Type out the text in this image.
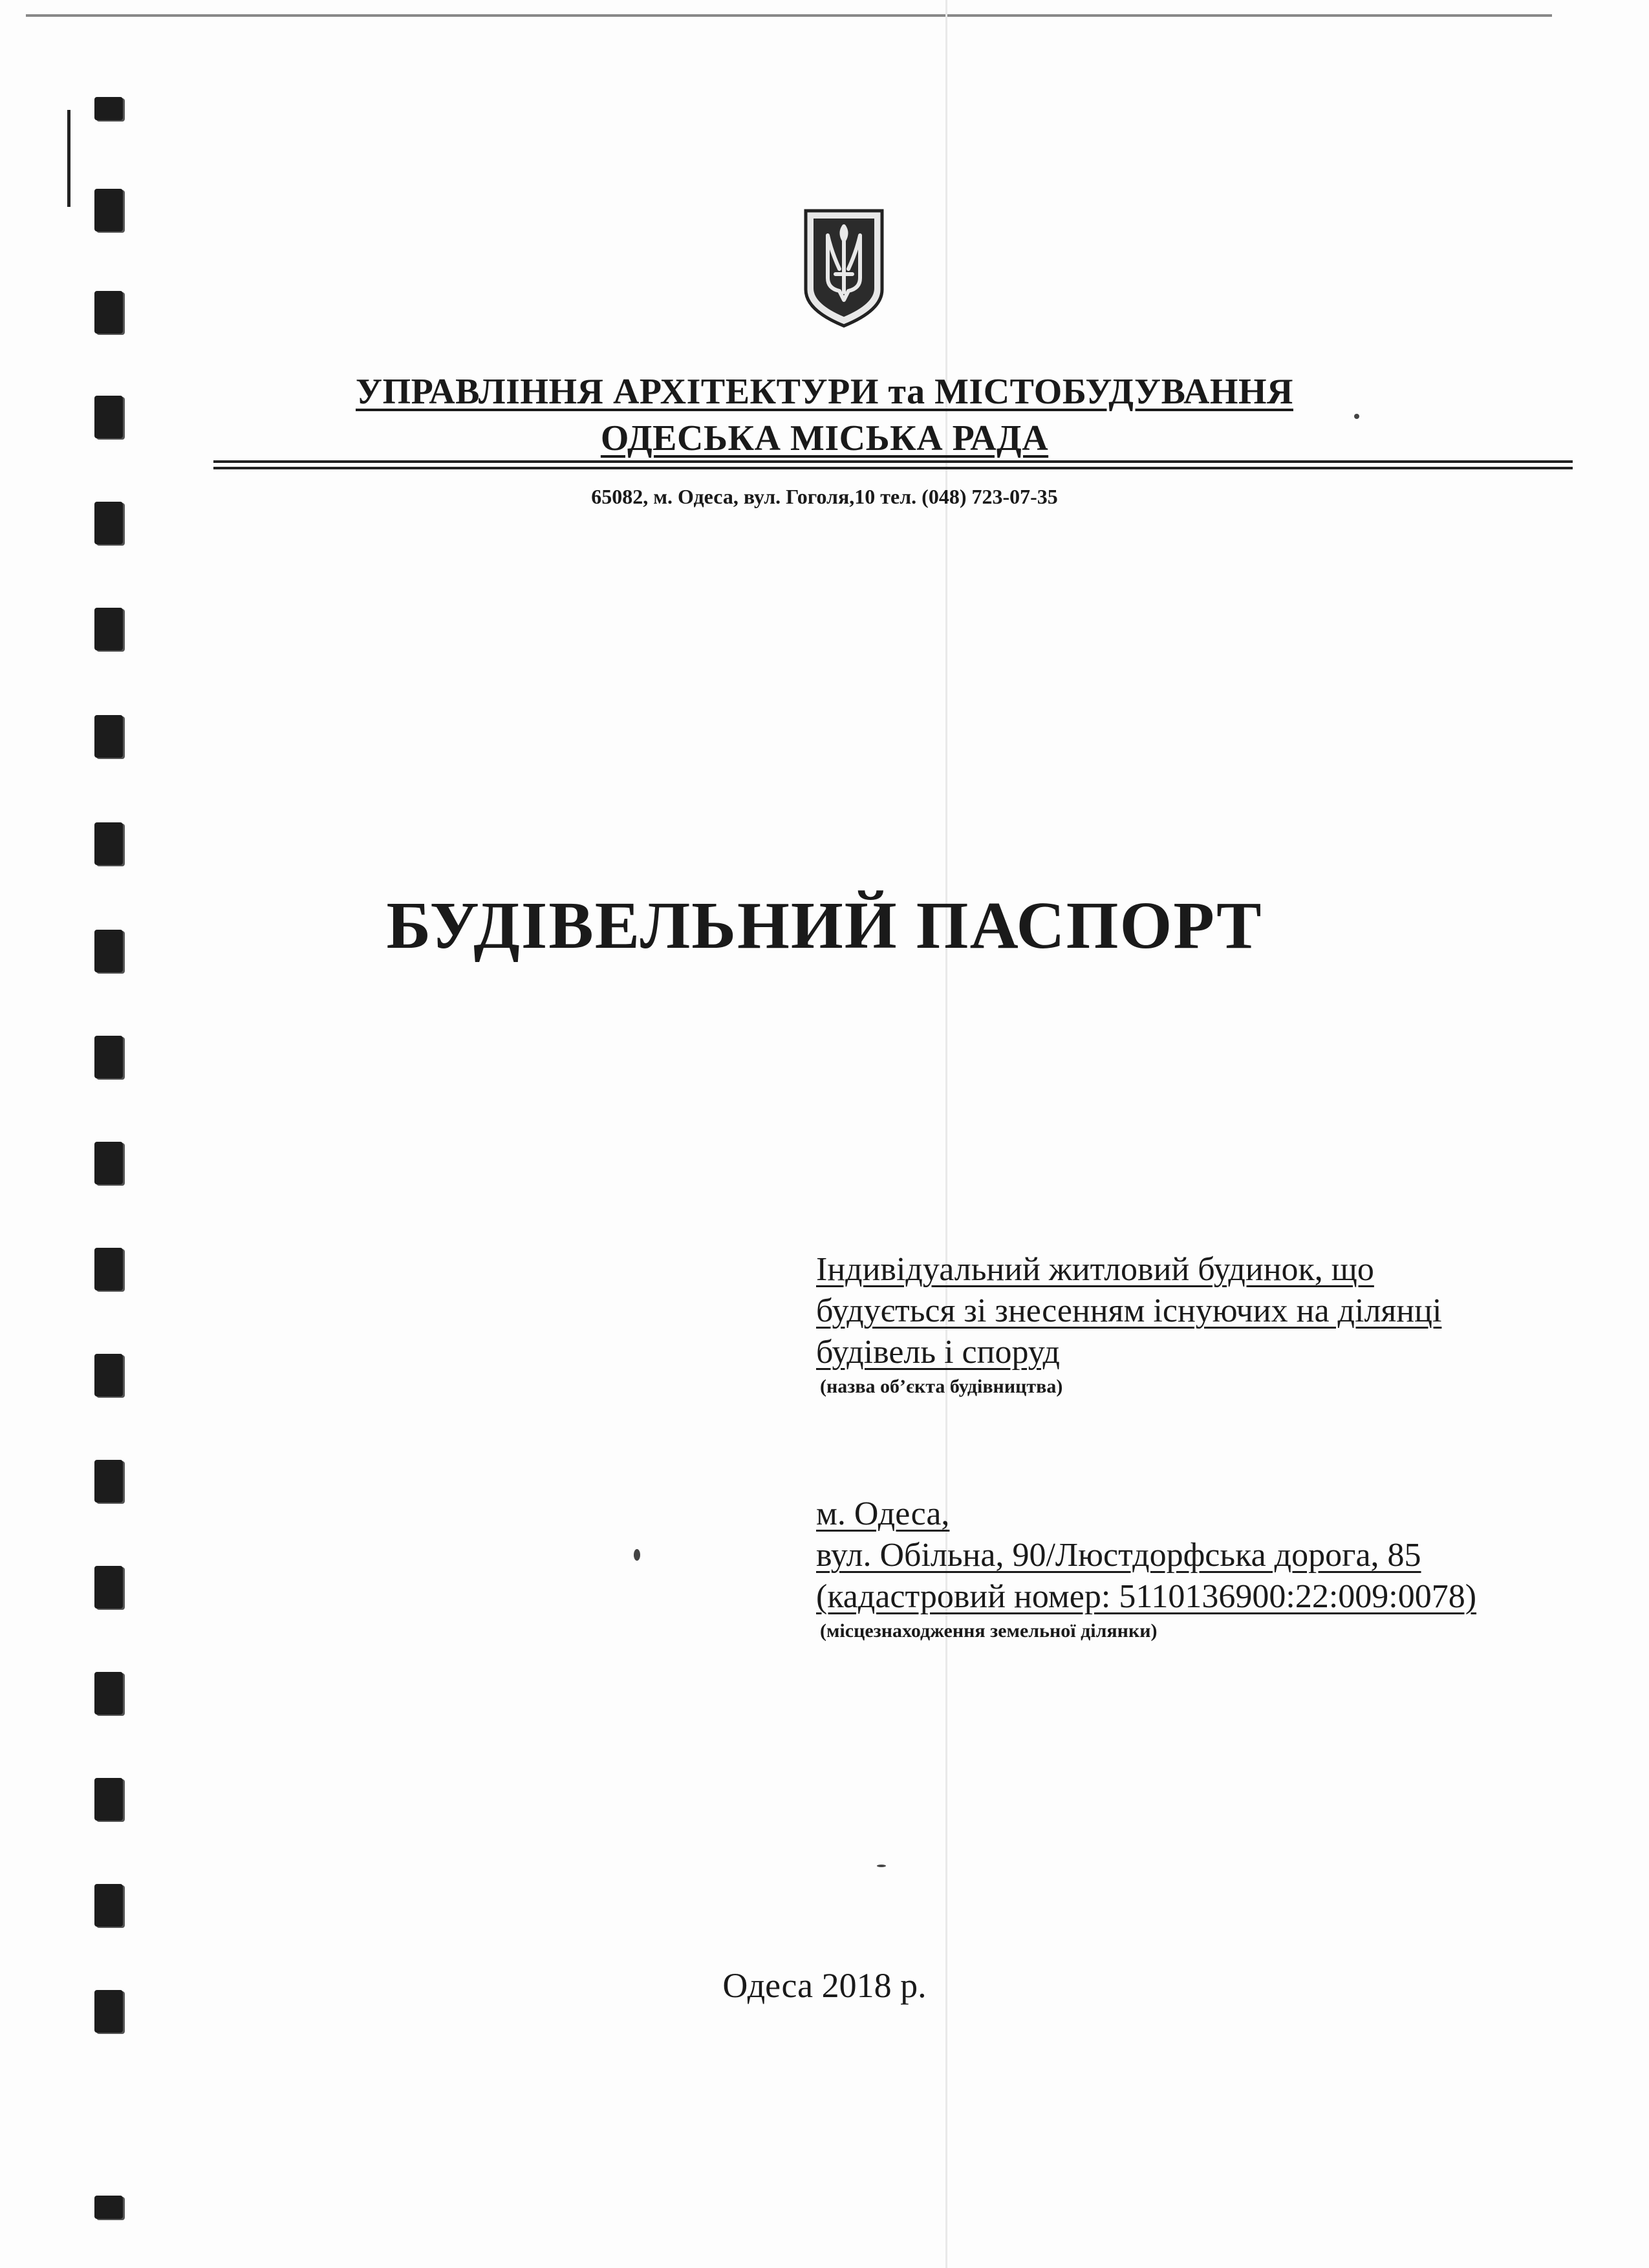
УПРАВЛІННЯ АРХІТЕКТУРИ та МІСТОБУДУВАННЯ
ОДЕСЬКА МІСЬКА РАДА
65082, м. Одеса, вул. Гоголя,10 тел. (048) 723-07-35
БУДІВЕЛЬНИЙ ПАСПОРТ
Індивідуальний житловий будинок, що
будується зі знесенням існуючих на ділянці
будівель і споруд
(назва об’єкта будівництва)
м. Одеса,
вул. Обільна, 90/Люстдорфська дорога, 85
(кадастровий номер: 5110136900:22:009:0078)
(місцезнаходження земельної ділянки)
Одеса 2018 р.
